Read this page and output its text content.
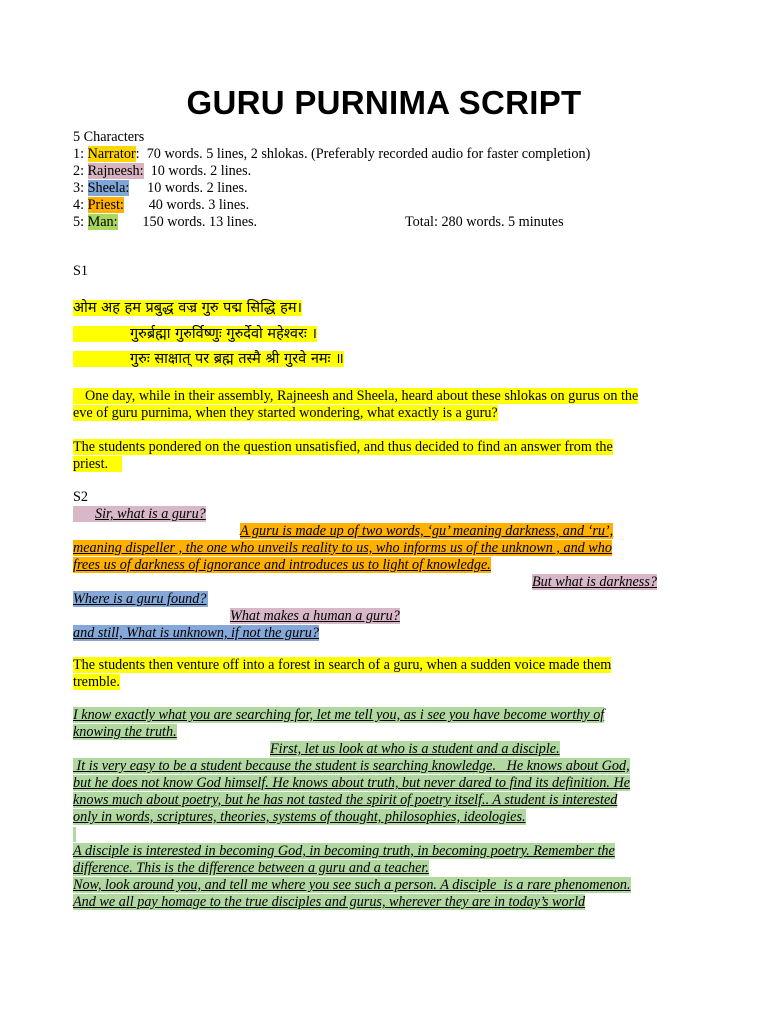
GURU PURNIMA SCRIPT
5 Characters
1: Narrator:  70 words. 5 lines, 2 shlokas. (Preferably recorded audio for faster completion)
2: Rajneesh:  10 words. 2 lines.
3: Sheela:     10 words. 2 lines.
4: Priest:       40 words. 3 lines.
5: Man:       150 words. 13 lines.	Total: 280 words. 5 minutes
S1
ओम अह हम प्रबुद्ध वज्र गुरु पद्म सिद्धि हम।
गुरुर्ब्रह्मा गुरुर्विष्णुः गुरुर्देवो महेश्वरः ।
गुरुः साक्षात् पर ब्रह्म तस्मै श्री गुरवे नमः ॥
One day, while in their assembly, Rajneesh and Sheela, heard about these shlokas on gurus on the
eve of guru purnima, when they started wondering, what exactly is a guru?
The students pondered on the question unsatisfied, and thus decided to find an answer from the
priest.
S2
Sir, what is a guru?
A guru is made up of two words, ‘gu’ meaning darkness, and ‘ru’,
meaning dispeller , the one who unveils reality to us, who informs us of the unknown , and who
frees us of darkness of ignorance and introduces us to light of knowledge.
But what is darkness?
Where is a guru found?
What makes a human a guru?
and still, What is unknown, if not the guru?
The students then venture off into a forest in search of a guru, when a sudden voice made them
tremble.
I know exactly what you are searching for, let me tell you, as i see you have become worthy of
knowing the truth.
First, let us look at who is a student and a disciple.
It is very easy to be a student because the student is searching knowledge.   He knows about God,
but he does not know God himself. He knows about truth, but never dared to find its definition. He
knows much about poetry, but he has not tasted the spirit of poetry itself.. A student is interested
only in words, scriptures, theories, systems of thought, philosophies, ideologies.
A disciple is interested in becoming God, in becoming truth, in becoming poetry. Remember the
difference. This is the difference between a guru and a teacher.
Now, look around you, and tell me where you see such a person. A disciple  is a rare phenomenon.
And we all pay homage to the true disciples and gurus, wherever they are in today’s world
